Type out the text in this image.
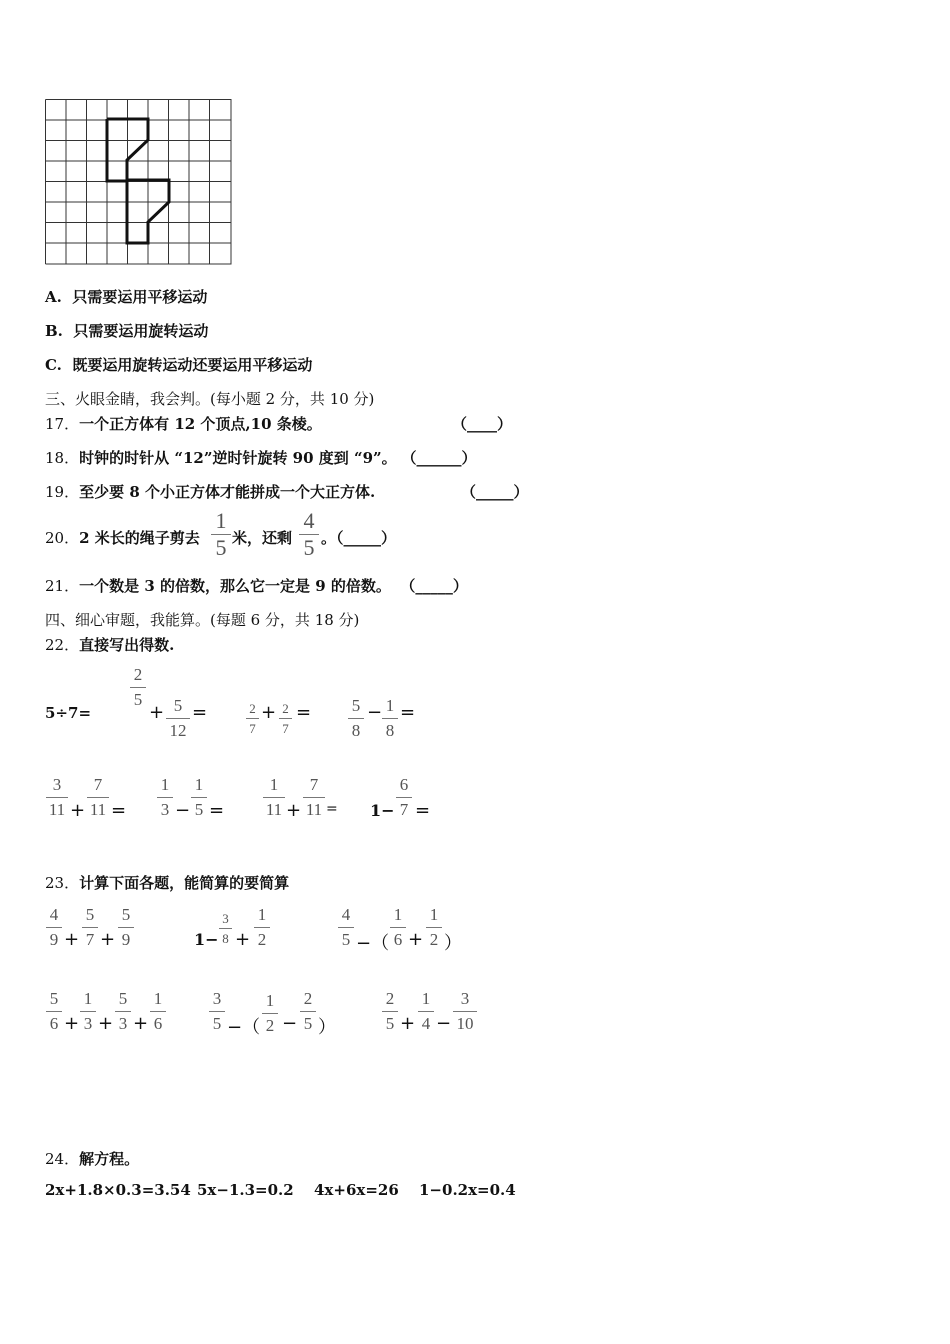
A. 只需要运用平移运动
B. 只需要运用旋转运动
C. 既要运用旋转运动还要运用平移运动
三、火眼金睛，我会判。(每小题 2 分，共 10 分)
17．一个正方体有 12 个顶点,10 条棱。	（____）
18．时钟的时针从 “12”逆时针旋转 90 度到 “9”。 （______）
19．至少要 8 个小正方体才能拼成一个大正方体.	（_____）
20．2 米长的绳子剪去
1
5 米，还剩
4
5 。（_____）
21．一个数是 3 的倍数，那么它一定是 9 的倍数。 （_____）
四、细心审题，我能算。(每题 6 分，共 18 分)
22．直接写出得数.
5÷7=
2
5
+ 5
12
=	2
7
+ 2
7
= 5
8
− 1
8
=
3
11 +
7
11 =
1
3 −
1
5 =
1
11 +
7
11 = 1−
6
7 =
23．计算下面各题，能简算的要简算
4
9 +
5
7 +
5
9	1−
3
8 +
1
2
4
5 −（
1
6 +
1
2 ）
5
6 +
1
3 +
5
3 +
1
6
3
5 −（
1
2 −
2
5 ）
2
5 +
1
4 −
3
10
24．解方程。
2x+1.8×0.3=3.54 5x−1.3=0.2 4x+6x=26 1−0.2x=0.4
